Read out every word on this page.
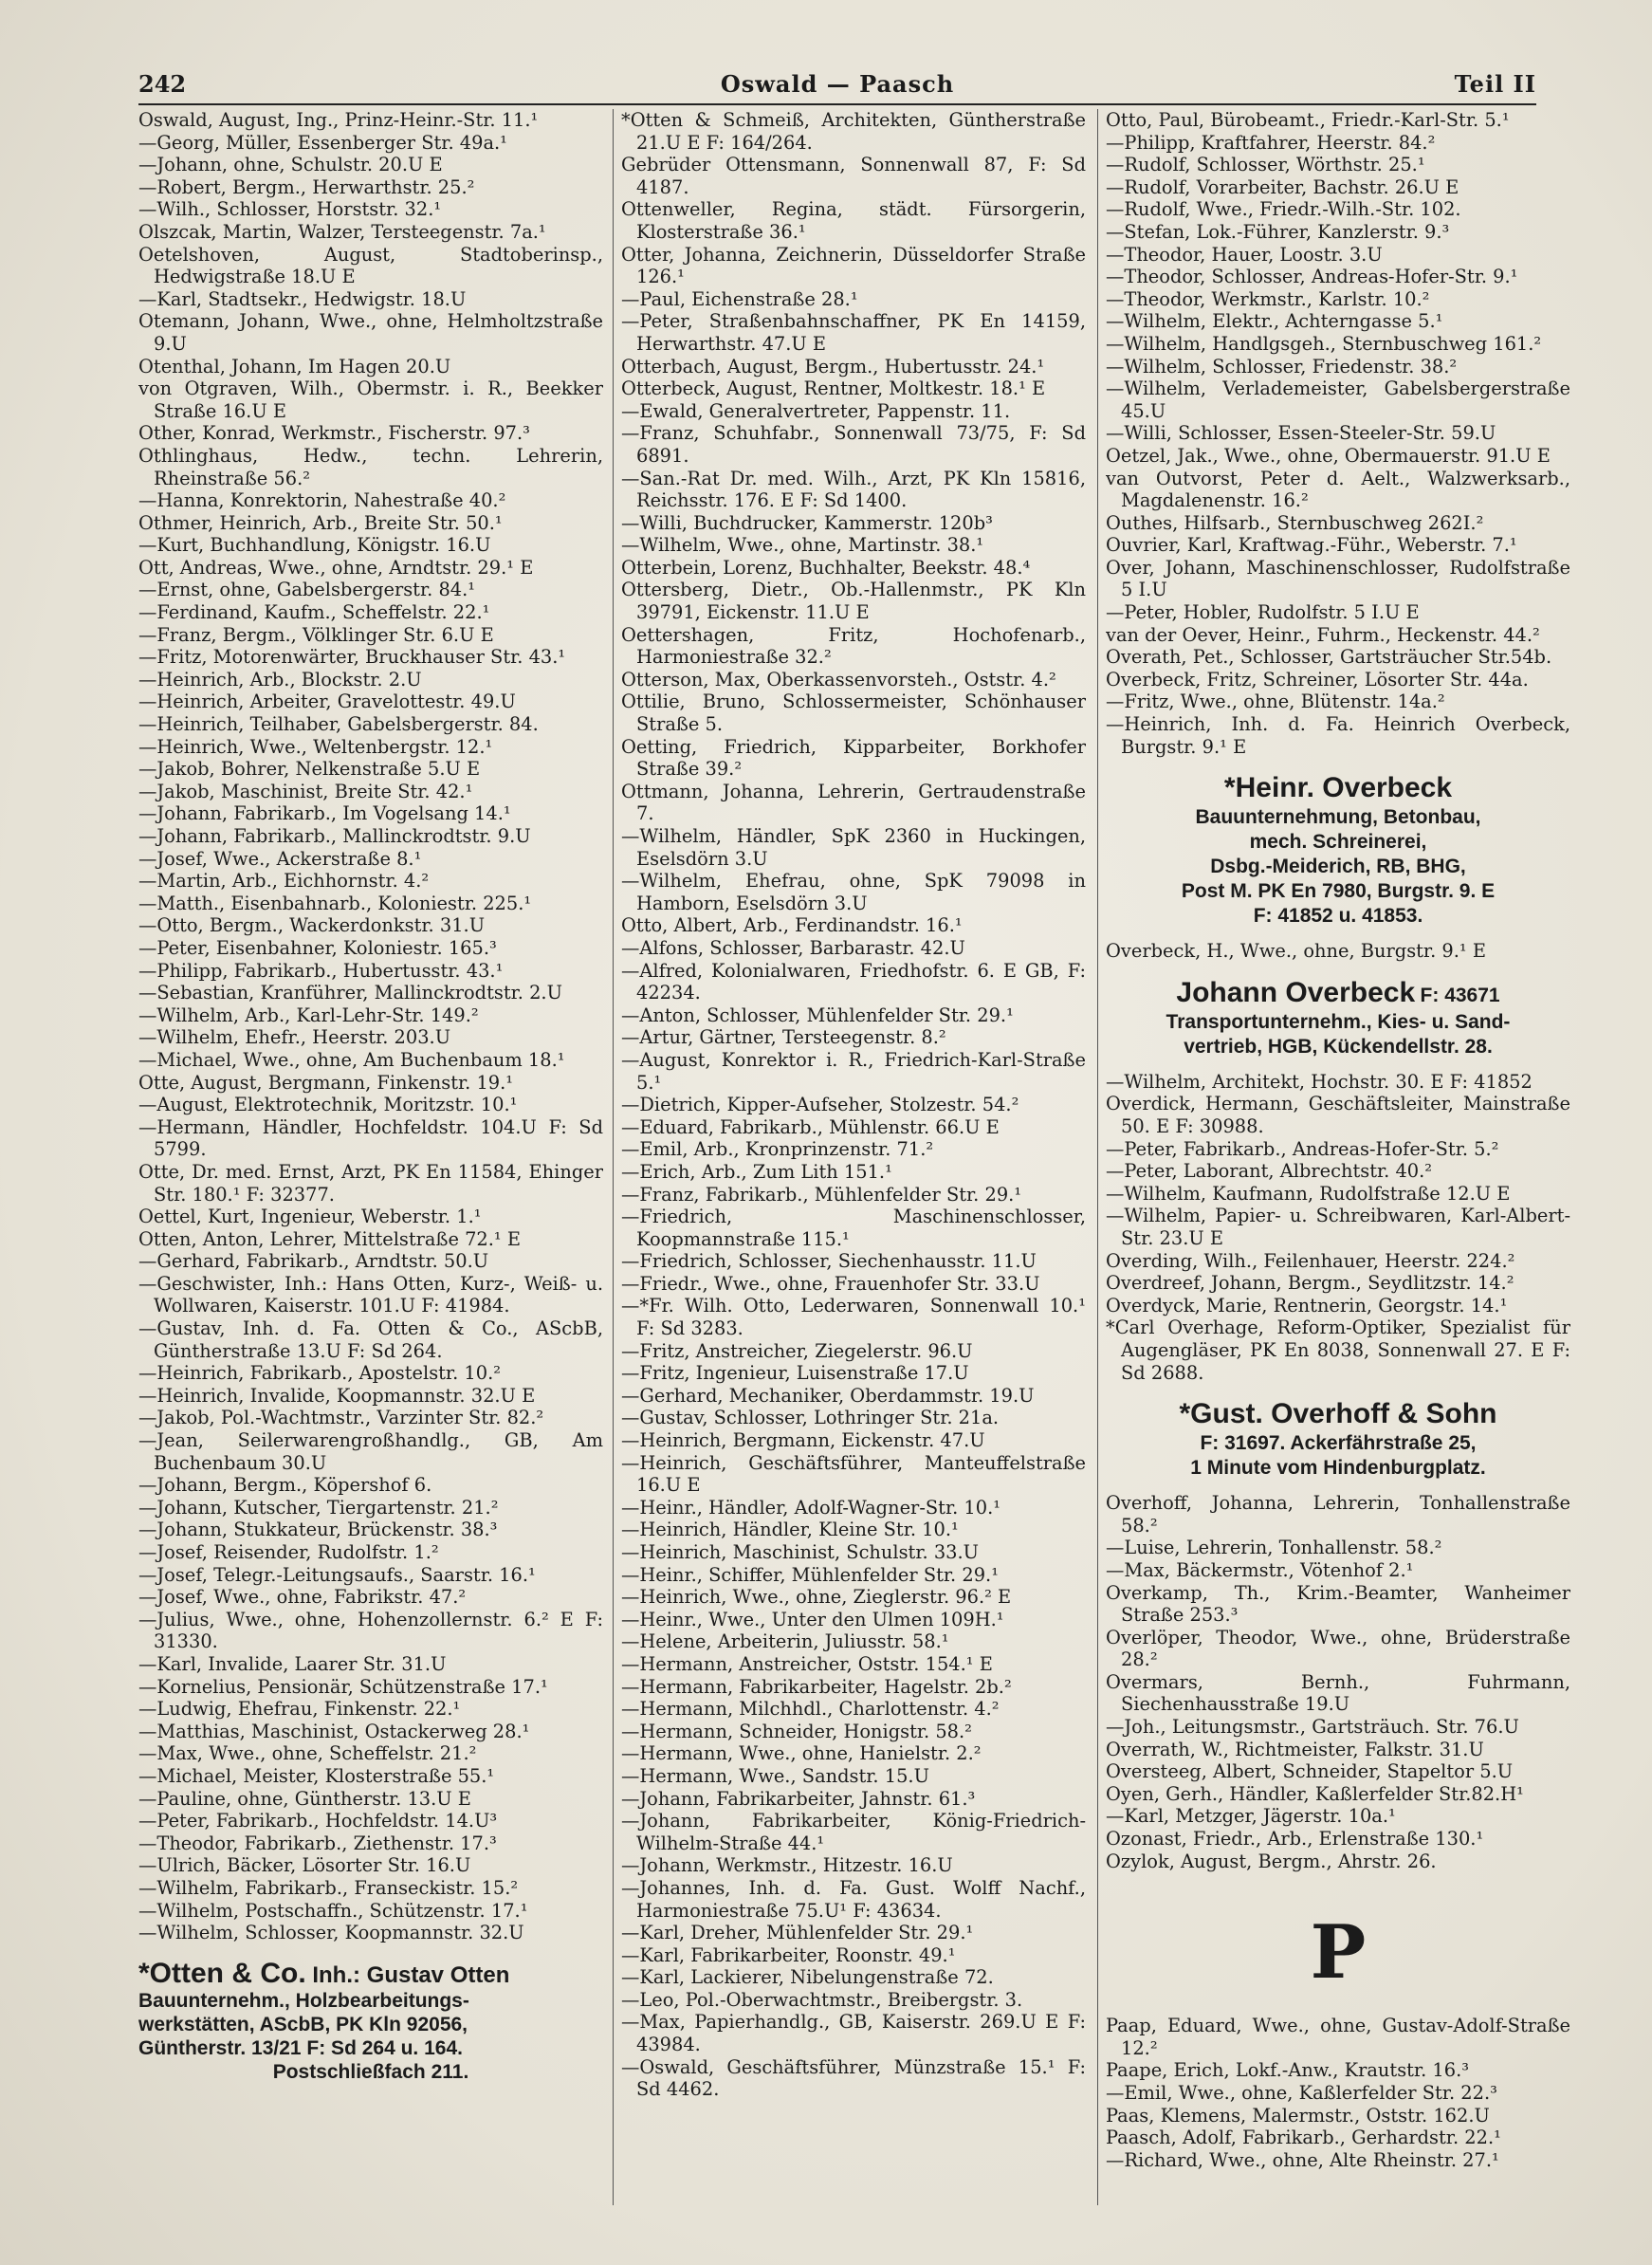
242	Oswald — Paasch	Teil II

Oswald, August, Ing., Prinz-Heinr.-Str. 11.¹

—Georg, Müller, Essenberger Str. 49a.¹

—Johann, ohne, Schulstr. 20.U E

—Robert, Bergm., Herwarthstr. 25.²

—Wilh., Schlosser, Horststr. 32.¹

Olszcak, Martin, Walzer, Tersteegenstr. 7a.¹

Oetelshoven, August, Stadtoberinsp., Hedwigstraße 18.U E

—Karl, Stadtsekr., Hedwigstr. 18.U

Otemann, Johann, Wwe., ohne, Helmholtzstraße 9.U

Otenthal, Johann, Im Hagen 20.U

von Otgraven, Wilh., Obermstr. i. R., Beekker Straße 16.U E

Other, Konrad, Werkmstr., Fischerstr. 97.³

Othlinghaus, Hedw., techn. Lehrerin, Rheinstraße 56.²

—Hanna, Konrektorin, Nahestraße 40.²

Othmer, Heinrich, Arb., Breite Str. 50.¹

—Kurt, Buchhandlung, Königstr. 16.U

Ott, Andreas, Wwe., ohne, Arndtstr. 29.¹ E

—Ernst, ohne, Gabelsbergerstr. 84.¹

—Ferdinand, Kaufm., Scheffelstr. 22.¹

—Franz, Bergm., Völklinger Str. 6.U E

—Fritz, Motorenwärter, Bruckhauser Str. 43.¹

—Heinrich, Arb., Blockstr. 2.U

—Heinrich, Arbeiter, Gravelottestr. 49.U

—Heinrich, Teilhaber, Gabelsbergerstr. 84.

—Heinrich, Wwe., Weltenbergstr. 12.¹

—Jakob, Bohrer, Nelkenstraße 5.U E

—Jakob, Maschinist, Breite Str. 42.¹

—Johann, Fabrikarb., Im Vogelsang 14.¹

—Johann, Fabrikarb., Mallinckrodtstr. 9.U

—Josef, Wwe., Ackerstraße 8.¹

—Martin, Arb., Eichhornstr. 4.²

—Matth., Eisenbahnarb., Koloniestr. 225.¹

—Otto, Bergm., Wackerdonkstr. 31.U

—Peter, Eisenbahner, Koloniestr. 165.³

—Philipp, Fabrikarb., Hubertusstr. 43.¹

—Sebastian, Kranführer, Mallinckrodtstr. 2.U

—Wilhelm, Arb., Karl-Lehr-Str. 149.²

—Wilhelm, Ehefr., Heerstr. 203.U

—Michael, Wwe., ohne, Am Buchenbaum 18.¹

Otte, August, Bergmann, Finkenstr. 19.¹

—August, Elektrotechnik, Moritzstr. 10.¹

—Hermann, Händler, Hochfeldstr. 104.U F: Sd 5799.

Otte, Dr. med. Ernst, Arzt, PK En 11584, Ehinger Str. 180.¹ F: 32377.

Oettel, Kurt, Ingenieur, Weberstr. 1.¹

Otten, Anton, Lehrer, Mittelstraße 72.¹ E

—Gerhard, Fabrikarb., Arndtstr. 50.U

—Geschwister, Inh.: Hans Otten, Kurz-, Weiß- u. Wollwaren, Kaiserstr. 101.U F: 41984.

—Gustav, Inh. d. Fa. Otten & Co., AScbB, Güntherstraße 13.U F: Sd 264.

—Heinrich, Fabrikarb., Apostelstr. 10.²

—Heinrich, Invalide, Koopmannstr. 32.U E

—Jakob, Pol.-Wachtmstr., Varzinter Str. 82.²

—Jean, Seilerwarengroßhandlg., GB, Am Buchenbaum 30.U

—Johann, Bergm., Köpershof 6.

—Johann, Kutscher, Tiergartenstr. 21.²

—Johann, Stukkateur, Brückenstr. 38.³

—Josef, Reisender, Rudolfstr. 1.²

—Josef, Telegr.-Leitungsaufs., Saarstr. 16.¹

—Josef, Wwe., ohne, Fabrikstr. 47.²

—Julius, Wwe., ohne, Hohenzollernstr. 6.² E F: 31330.

—Karl, Invalide, Laarer Str. 31.U

—Kornelius, Pensionär, Schützenstraße 17.¹

—Ludwig, Ehefrau, Finkenstr. 22.¹

—Matthias, Maschinist, Ostackerweg 28.¹

—Max, Wwe., ohne, Scheffelstr. 21.²

—Michael, Meister, Klosterstraße 55.¹

—Pauline, ohne, Güntherstr. 13.U E

—Peter, Fabrikarb., Hochfeldstr. 14.U³

—Theodor, Fabrikarb., Ziethenstr. 17.³

—Ulrich, Bäcker, Lösorter Str. 16.U

—Wilhelm, Fabrikarb., Franseckistr. 15.²

—Wilhelm, Postschaffn., Schützenstr. 17.¹

—Wilhelm, Schlosser, Koopmannstr. 32.U

*Otten & Co. Inh.: Gustav Otten
Bauunternehm., Holzbearbeitungs-
werkstätten, AScbB, PK Kln 92056,
Güntherstr. 13/21 F: Sd 264 u. 164.
Postschließfach 211.

*Otten & Schmeiß, Architekten, Güntherstraße 21.U E F: 164/264.

Gebrüder Ottensmann, Sonnenwall 87, F: Sd 4187.

Ottenweller, Regina, städt. Fürsorgerin, Klosterstraße 36.¹

Otter, Johanna, Zeichnerin, Düsseldorfer Straße 126.¹

—Paul, Eichenstraße 28.¹

—Peter, Straßenbahnschaffner, PK En 14159, Herwarthstr. 47.U E

Otterbach, August, Bergm., Hubertusstr. 24.¹

Otterbeck, August, Rentner, Moltkestr. 18.¹ E

—Ewald, Generalvertreter, Pappenstr. 11.

—Franz, Schuhfabr., Sonnenwall 73/75, F: Sd 6891.

—San.-Rat Dr. med. Wilh., Arzt, PK Kln 15816, Reichsstr. 176. E F: Sd 1400.

—Willi, Buchdrucker, Kammerstr. 120b³

—Wilhelm, Wwe., ohne, Martinstr. 38.¹

Otterbein, Lorenz, Buchhalter, Beekstr. 48.⁴

Ottersberg, Dietr., Ob.-Hallenmstr., PK Kln 39791, Eickenstr. 11.U E

Oettershagen, Fritz, Hochofenarb., Harmoniestraße 32.²

Otterson, Max, Oberkassenvorsteh., Oststr. 4.²

Ottilie, Bruno, Schlossermeister, Schönhauser Straße 5.

Oetting, Friedrich, Kipparbeiter, Borkhofer Straße 39.²

Ottmann, Johanna, Lehrerin, Gertraudenstraße 7.

—Wilhelm, Händler, SpK 2360 in Huckingen, Eselsdörn 3.U

—Wilhelm, Ehefrau, ohne, SpK 79098 in Hamborn, Eselsdörn 3.U

Otto, Albert, Arb., Ferdinandstr. 16.¹

—Alfons, Schlosser, Barbarastr. 42.U

—Alfred, Kolonialwaren, Friedhofstr. 6. E GB, F: 42234.

—Anton, Schlosser, Mühlenfelder Str. 29.¹

—Artur, Gärtner, Tersteegenstr. 8.²

—August, Konrektor i. R., Friedrich-Karl-Straße 5.¹

—Dietrich, Kipper-Aufseher, Stolzestr. 54.²

—Eduard, Fabrikarb., Mühlenstr. 66.U E

—Emil, Arb., Kronprinzenstr. 71.²

—Erich, Arb., Zum Lith 151.¹

—Franz, Fabrikarb., Mühlenfelder Str. 29.¹

—Friedrich, Maschinenschlosser, Koopmannstraße 115.¹

—Friedrich, Schlosser, Siechenhausstr. 11.U

—Friedr., Wwe., ohne, Frauenhofer Str. 33.U

—*Fr. Wilh. Otto, Lederwaren, Sonnenwall 10.¹ F: Sd 3283.

—Fritz, Anstreicher, Ziegelerstr. 96.U

—Fritz, Ingenieur, Luisenstraße 17.U

—Gerhard, Mechaniker, Oberdammstr. 19.U

—Gustav, Schlosser, Lothringer Str. 21a.

—Heinrich, Bergmann, Eickenstr. 47.U

—Heinrich, Geschäftsführer, Manteuffelstraße 16.U E

—Heinr., Händler, Adolf-Wagner-Str. 10.¹

—Heinrich, Händler, Kleine Str. 10.¹

—Heinrich, Maschinist, Schulstr. 33.U

—Heinr., Schiffer, Mühlenfelder Str. 29.¹

—Heinrich, Wwe., ohne, Zieglerstr. 96.² E

—Heinr., Wwe., Unter den Ulmen 109H.¹

—Helene, Arbeiterin, Juliusstr. 58.¹

—Hermann, Anstreicher, Oststr. 154.¹ E

—Hermann, Fabrikarbeiter, Hagelstr. 2b.²

—Hermann, Milchhdl., Charlottenstr. 4.²

—Hermann, Schneider, Honigstr. 58.²

—Hermann, Wwe., ohne, Hanielstr. 2.²

—Hermann, Wwe., Sandstr. 15.U

—Johann, Fabrikarbeiter, Jahnstr. 61.³

—Johann, Fabrikarbeiter, König-Friedrich-Wilhelm-Straße 44.¹

—Johann, Werkmstr., Hitzestr. 16.U

—Johannes, Inh. d. Fa. Gust. Wolff Nachf., Harmoniestraße 75.U¹ F: 43634.

—Karl, Dreher, Mühlenfelder Str. 29.¹

—Karl, Fabrikarbeiter, Roonstr. 49.¹

—Karl, Lackierer, Nibelungenstraße 72.

—Leo, Pol.-Oberwachtmstr., Breibergstr. 3.

—Max, Papierhandlg., GB, Kaiserstr. 269.U E F: 43984.

—Oswald, Geschäftsführer, Münzstraße 15.¹ F: Sd 4462.

Otto, Paul, Bürobeamt., Friedr.-Karl-Str. 5.¹

—Philipp, Kraftfahrer, Heerstr. 84.²

—Rudolf, Schlosser, Wörthstr. 25.¹

—Rudolf, Vorarbeiter, Bachstr. 26.U E

—Rudolf, Wwe., Friedr.-Wilh.-Str. 102.

—Stefan, Lok.-Führer, Kanzlerstr. 9.³

—Theodor, Hauer, Loostr. 3.U

—Theodor, Schlosser, Andreas-Hofer-Str. 9.¹

—Theodor, Werkmstr., Karlstr. 10.²

—Wilhelm, Elektr., Achterngasse 5.¹

—Wilhelm, Handlgsgeh., Sternbuschweg 161.²

—Wilhelm, Schlosser, Friedenstr. 38.²

—Wilhelm, Verlademeister, Gabelsbergerstraße 45.U

—Willi, Schlosser, Essen-Steeler-Str. 59.U

Oetzel, Jak., Wwe., ohne, Obermauerstr. 91.U E

van Outvorst, Peter d. Aelt., Walzwerksarb., Magdalenenstr. 16.²

Outhes, Hilfsarb., Sternbuschweg 262I.²

Ouvrier, Karl, Kraftwag.-Führ., Weberstr. 7.¹

Over, Johann, Maschinenschlosser, Rudolfstraße 5 I.U

—Peter, Hobler, Rudolfstr. 5 I.U E

van der Oever, Heinr., Fuhrm., Heckenstr. 44.²

Overath, Pet., Schlosser, Gartsträucher Str.54b.

Overbeck, Fritz, Schreiner, Lösorter Str. 44a.

—Fritz, Wwe., ohne, Blütenstr. 14a.²

—Heinrich, Inh. d. Fa. Heinrich Overbeck, Burgstr. 9.¹ E

*Heinr. Overbeck
Bauunternehmung, Betonbau,
mech. Schreinerei,
Dsbg.-Meiderich, RB, BHG,
Post M. PK En 7980, Burgstr. 9. E
F: 41852 u. 41853.

Overbeck, H., Wwe., ohne, Burgstr. 9.¹ E

Johann Overbeck F: 43671
Transportunternehm., Kies- u. Sand-
vertrieb, HGB, Kückendellstr. 28.

—Wilhelm, Architekt, Hochstr. 30. E F: 41852

Overdick, Hermann, Geschäftsleiter, Mainstraße 50. E F: 30988.

—Peter, Fabrikarb., Andreas-Hofer-Str. 5.²

—Peter, Laborant, Albrechtstr. 40.²

—Wilhelm, Kaufmann, Rudolfstraße 12.U E

—Wilhelm, Papier- u. Schreibwaren, Karl-Albert-Str. 23.U E

Overding, Wilh., Feilenhauer, Heerstr. 224.²

Overdreef, Johann, Bergm., Seydlitzstr. 14.²

Overdyck, Marie, Rentnerin, Georgstr. 14.¹

*Carl Overhage, Reform-Optiker, Spezialist für Augengläser, PK En 8038, Sonnenwall 27. E F: Sd 2688.

*Gust. Overhoff & Sohn
F: 31697. Ackerfährstraße 25,
1 Minute vom Hindenburgplatz.

Overhoff, Johanna, Lehrerin, Tonhallenstraße 58.²

—Luise, Lehrerin, Tonhallenstr. 58.²

—Max, Bäckermstr., Vötenhof 2.¹

Overkamp, Th., Krim.-Beamter, Wanheimer Straße 253.³

Overlöper, Theodor, Wwe., ohne, Brüderstraße 28.²

Overmars, Bernh., Fuhrmann, Siechenhausstraße 19.U

—Joh., Leitungsmstr., Gartsträuch. Str. 76.U

Overrath, W., Richtmeister, Falkstr. 31.U

Oversteeg, Albert, Schneider, Stapeltor 5.U

Oyen, Gerh., Händler, Kaßlerfelder Str.82.H¹

—Karl, Metzger, Jägerstr. 10a.¹

Ozonast, Friedr., Arb., Erlenstraße 130.¹

Ozylok, August, Bergm., Ahrstr. 26.

P

Paap, Eduard, Wwe., ohne, Gustav-Adolf-Straße 12.²

Paape, Erich, Lokf.-Anw., Krautstr. 16.³

—Emil, Wwe., ohne, Kaßlerfelder Str. 22.³

Paas, Klemens, Malermstr., Oststr. 162.U

Paasch, Adolf, Fabrikarb., Gerhardstr. 22.¹

—Richard, Wwe., ohne, Alte Rheinstr. 27.¹
